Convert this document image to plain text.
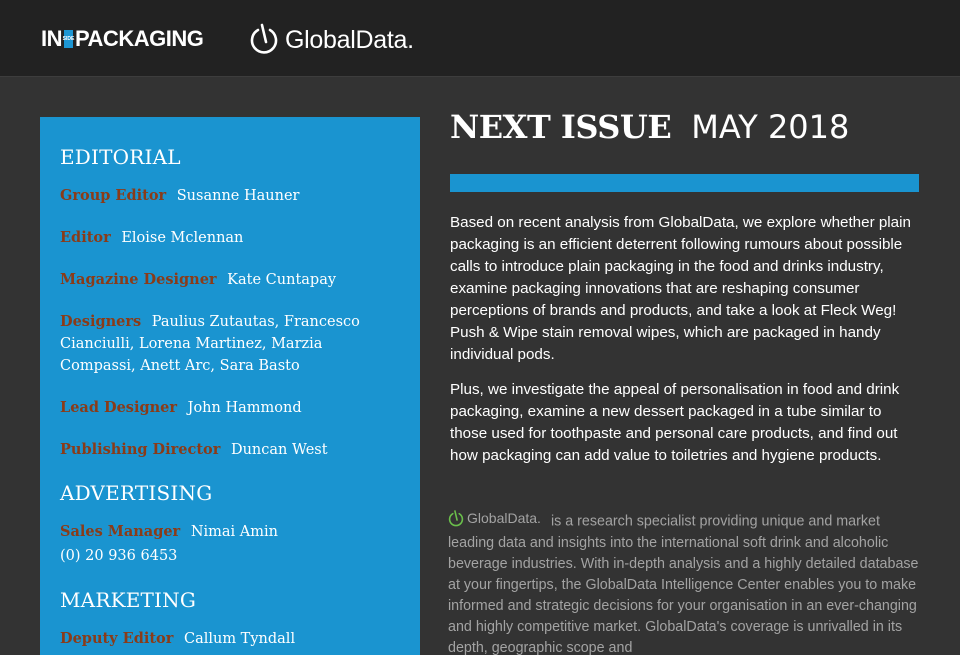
IN SIDE PACKAGING	GlobalData.
EDITORIAL
Group Editor Susanne Hauner
Editor Eloise Mclennan
Magazine Designer Kate Cuntapay
Designers Paulius Zutautas, Francesco Cianciulli, Lorena Martinez, Marzia Compassi, Anett Arc, Sara Basto
Lead Designer John Hammond
Publishing Director Duncan West
ADVERTISING
Sales Manager Nimai Amin
(0) 20 936 6453
MARKETING
Deputy Editor Callum Tyndall
NEXT ISSUE MAY 2018

Based on recent analysis from GlobalData, we explore whether plain packaging is an efficient deterrent following rumours about possible calls to introduce plain packaging in the food and drinks industry, examine packaging innovations that are reshaping consumer perceptions of brands and products, and take a look at Fleck Weg! Push & Wipe stain removal wipes, which are packaged in handy individual pods.

Plus, we investigate the appeal of personalisation in food and drink packaging, examine a new dessert packaged in a tube similar to those used for toothpaste and personal care products, and find out how packaging can add value to toiletries and hygiene products.

GlobalData. is a research specialist providing unique and market leading data and insights into the international soft drink and alcoholic beverage industries. With in-depth analysis and a highly detailed database at your fingertips, the GlobalData Intelligence Center enables you to make informed and strategic decisions for your organisation in an ever-changing and highly competitive market. GlobalData's coverage is unrivalled in its depth, geographic scope and
